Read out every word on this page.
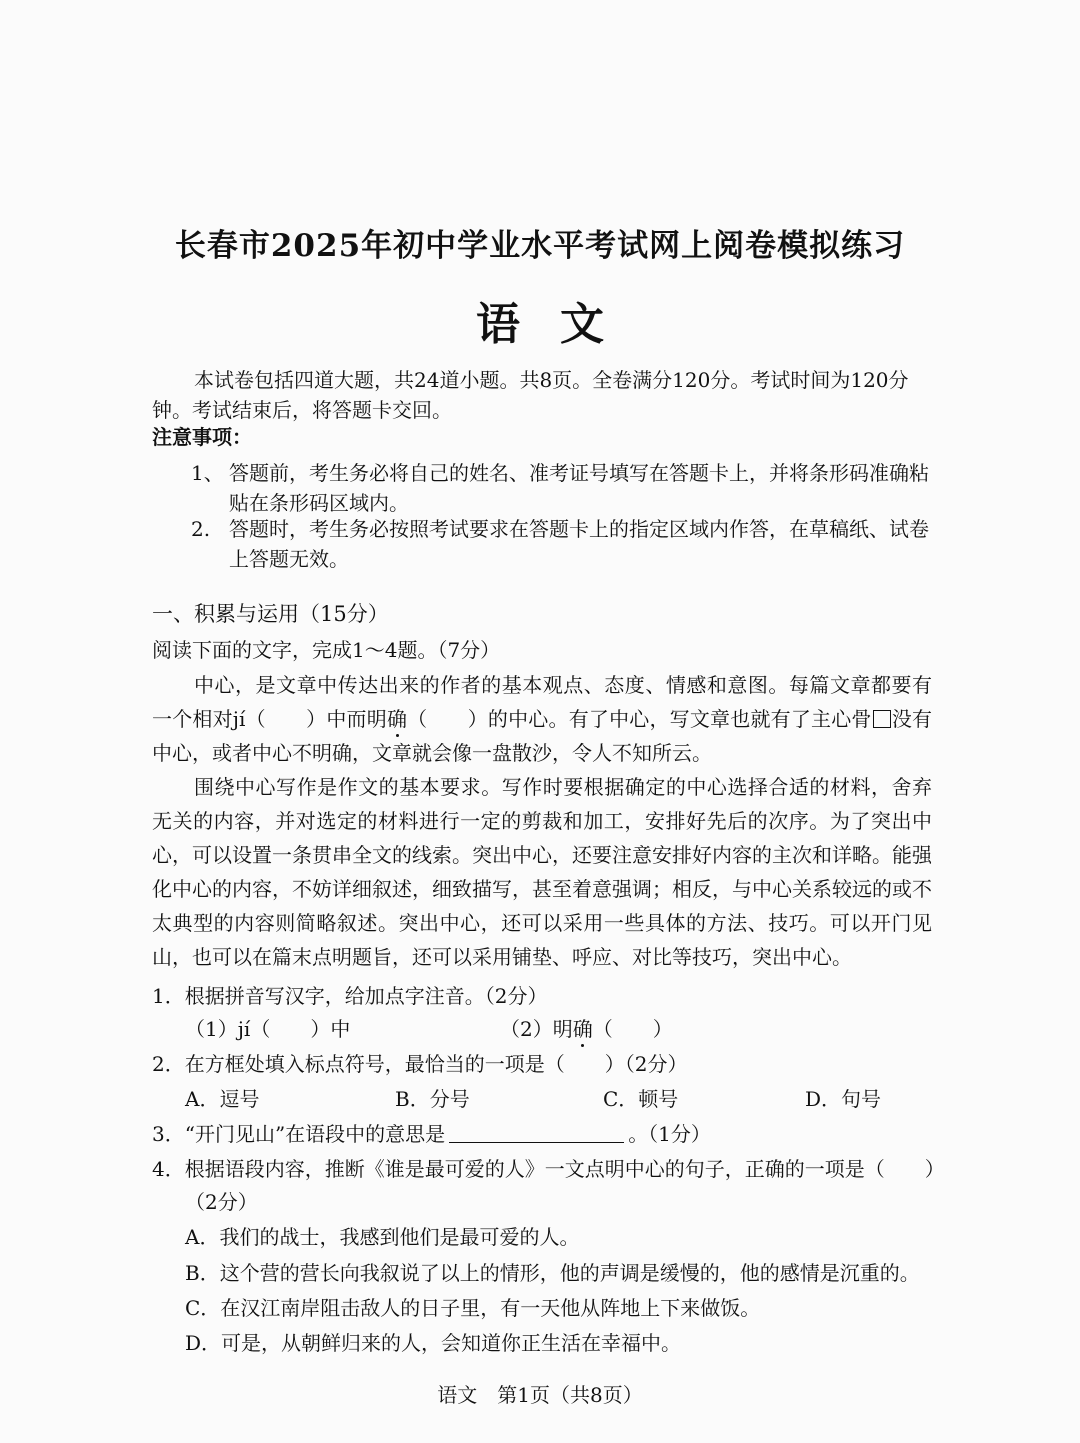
长春市2025年初中学业水平考试网上阅卷模拟练习
语文
本试卷包括四道大题，共24道小题。共8页。全卷满分120分。考试时间为120分钟。考试结束后，将答题卡交回。
注意事项：
1、 答题前，考生务必将自己的姓名、准考证号填写在答题卡上，并将条形码准确粘贴在条形码区域内。
2. 答题时，考生务必按照考试要求在答题卡上的指定区域内作答，在草稿纸、试卷上答题无效。
一、积累与运用（15分）
阅读下面的文字，完成1～4题。（7分）
中心，是文章中传达出来的作者的基本观点、态度、情感和意图。每篇文章都要有一个相对jí（　　）中而明确（　　）的中心。有了中心，写文章也就有了主心骨 没有中心，或者中心不明确，文章就会像一盘散沙，令人不知所云。
围绕中心写作是作文的基本要求。写作时要根据确定的中心选择合适的材料，舍弃无关的内容，并对选定的材料进行一定的剪裁和加工，安排好先后的次序。为了突出中心，可以设置一条贯串全文的线索。突出中心，还要注意安排好内容的主次和详略。能强化中心的内容，不妨详细叙述，细致描写，甚至着意强调；相反，与中心关系较远的或不太典型的内容则简略叙述。突出中心，还可以采用一些具体的方法、技巧。可以开门见山，也可以在篇末点明题旨，还可以采用铺垫、呼应、对比等技巧，突出中心。
1．根据拼音写汉字，给加点字注音。（2分）
（1）jí（　　）中	（2）明确（　　）
2．在方框处填入标点符号，最恰当的一项是（　　）（2分）
A．逗号	B．分号	C．顿号	D．句号
3．“开门见山”在语段中的意思是	。（1分）
4．根据语段内容，推断《谁是最可爱的人》一文点明中心的句子，正确的一项是（　　）
（2分）
A．我们的战士，我感到他们是最可爱的人。
B．这个营的营长向我叙说了以上的情形，他的声调是缓慢的，他的感情是沉重的。
C．在汉江南岸阻击敌人的日子里，有一天他从阵地上下来做饭。
D．可是，从朝鲜归来的人，会知道你正生活在幸福中。
语文　第1页（共8页）
